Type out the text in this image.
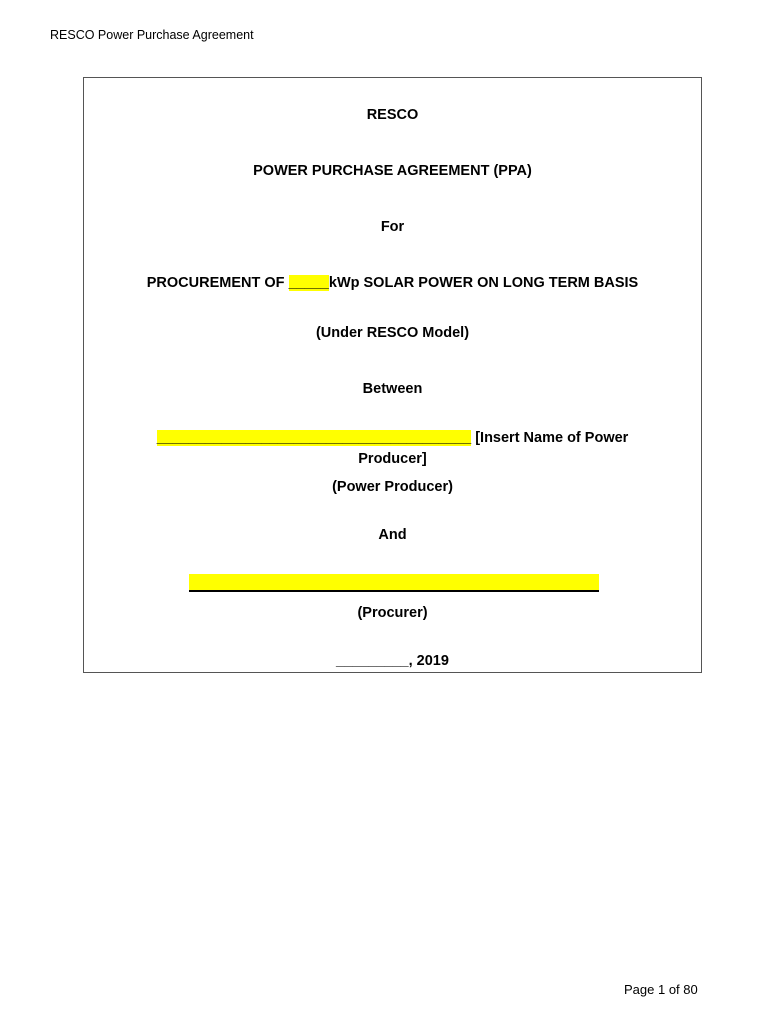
RESCO Power Purchase Agreement
RESCO
POWER PURCHASE AGREEMENT (PPA)
For
PROCUREMENT OF _____kWp SOLAR POWER ON LONG TERM BASIS
(Under RESCO Model)
Between
_______________________________________ [Insert Name of Power
Producer]
(Power Producer)
And
(Procurer)
_________, 2019
Page 1 of 80
